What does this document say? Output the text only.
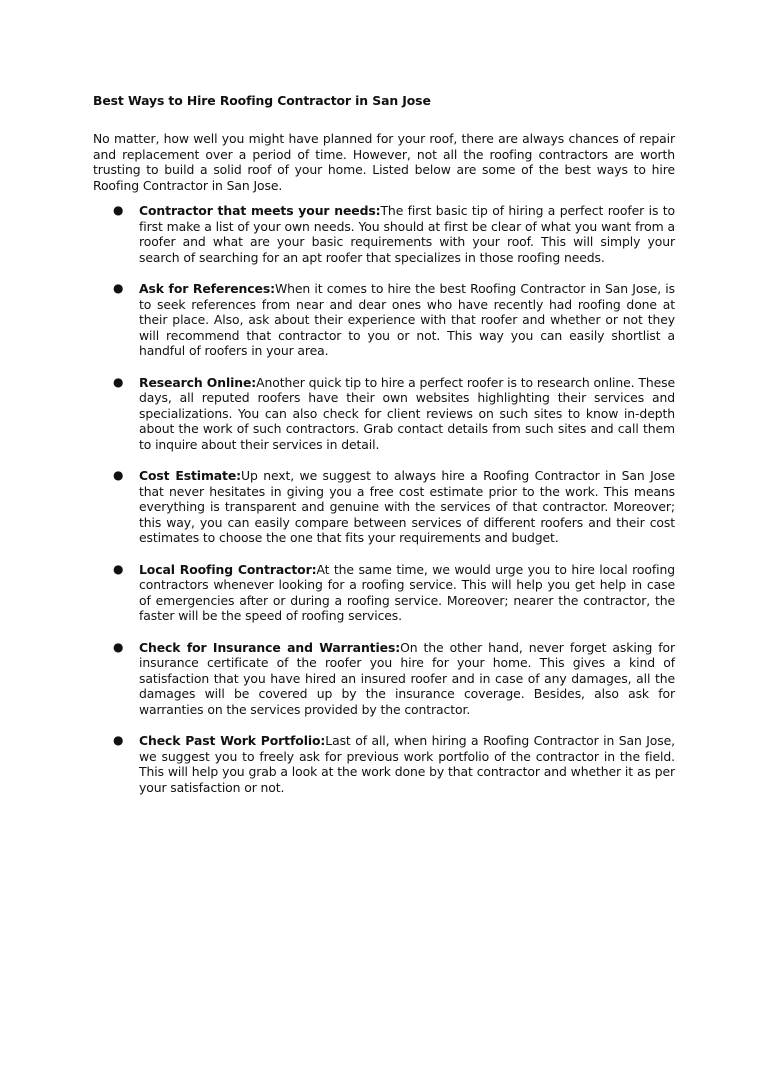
Best Ways to Hire Roofing Contractor in San Jose

No matter, how well you might have planned for your roof, there are always chances of repair and replacement over a period of time. However, not all the roofing contractors are worth trusting to build a solid roof of your home. Listed below are some of the best ways to hire Roofing Contractor in San Jose.

● Contractor that meets your needs:The first basic tip of hiring a perfect roofer is to first make a list of your own needs. You should at first be clear of what you want from a roofer and what are your basic requirements with your roof. This will simply your search of searching for an apt roofer that specializes in those roofing needs.
● Ask for References:When it comes to hire the best Roofing Contractor in San Jose, is to seek references from near and dear ones who have recently had roofing done at their place. Also, ask about their experience with that roofer and whether or not they will recommend that contractor to you or not. This way you can easily shortlist a handful of roofers in your area.
● Research Online:Another quick tip to hire a perfect roofer is to research online. These days, all reputed roofers have their own websites highlighting their services and specializations. You can also check for client reviews on such sites to know in-depth about the work of such contractors. Grab contact details from such sites and call them to inquire about their services in detail.
● Cost Estimate:Up next, we suggest to always hire a Roofing Contractor in San Jose that never hesitates in giving you a free cost estimate prior to the work. This means everything is transparent and genuine with the services of that contractor. Moreover; this way, you can easily compare between services of different roofers and their cost estimates to choose the one that fits your requirements and budget.
● Local Roofing Contractor:At the same time, we would urge you to hire local roofing contractors whenever looking for a roofing service. This will help you get help in case of emergencies after or during a roofing service. Moreover; nearer the contractor, the faster will be the speed of roofing services.
● Check for Insurance and Warranties:On the other hand, never forget asking for insurance certificate of the roofer you hire for your home. This gives a kind of satisfaction that you have hired an insured roofer and in case of any damages, all the damages will be covered up by the insurance coverage. Besides, also ask for warranties on the services provided by the contractor.
● Check Past Work Portfolio:Last of all, when hiring a Roofing Contractor in San Jose, we suggest you to freely ask for previous work portfolio of the contractor in the field. This will help you grab a look at the work done by that contractor and whether it as per your satisfaction or not.
